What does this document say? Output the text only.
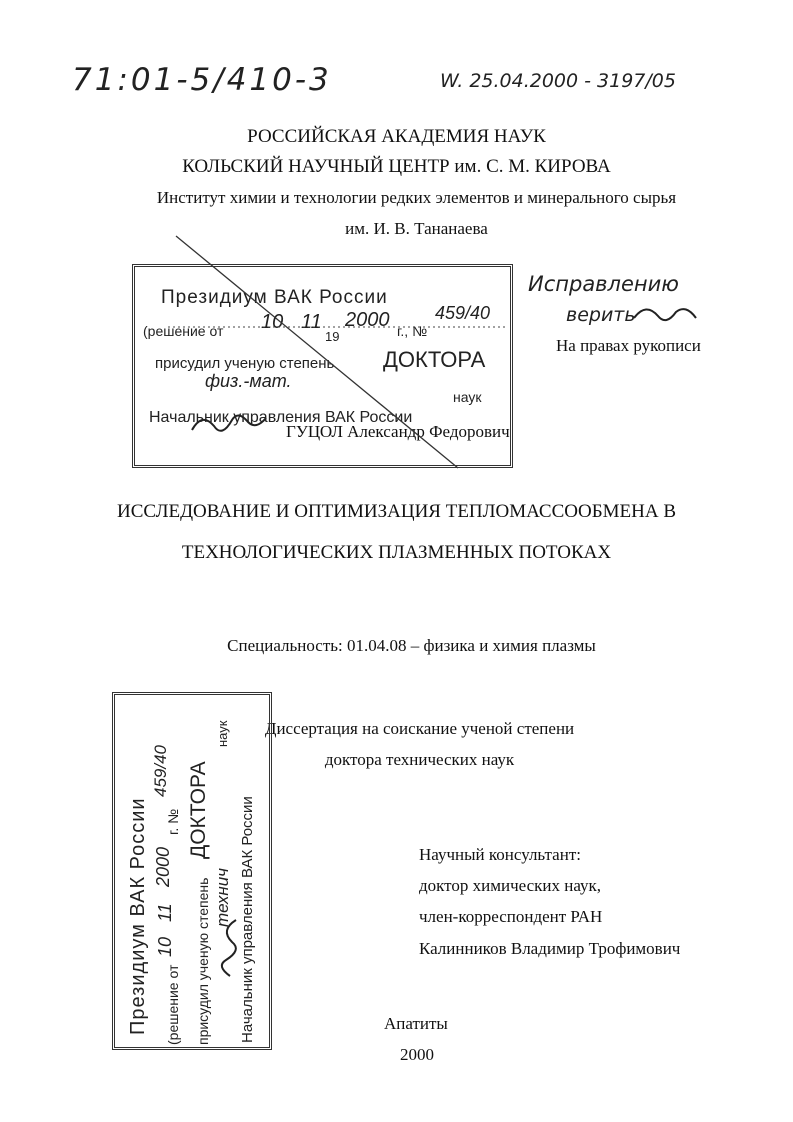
71:01-5/410-3	W. 25.04.2000 - 3197/05
РОССИЙСКАЯ АКАДЕМИЯ НАУК
КОЛЬСКИЙ НАУЧНЫЙ ЦЕНТР им. С. М. КИРОВА
Институт химии и технологии редких элементов и минерального сырья
им. И. В. Тананаева
Президиум ВАК России
(решение от 10 11 2000
19	г., №
459/40
присудил ученую степень ДОКТОРА
физ.-мат.
наук
Начальник управления ВАК России
ГУЦОЛ Александр Федорович
Исправлению
верить
На правах рукописи
ИССЛЕДОВАНИЕ И ОПТИМИЗАЦИЯ ТЕПЛОМАССООБМЕНА В
ТЕХНОЛОГИЧЕСКИХ ПЛАЗМЕННЫХ ПОТОКАХ
Специальность: 01.04.08 – физика и химия плазмы
Диссертация на соискание ученой степени
доктора технических наук
Президиум ВАК России (решение от
10
11
2000
г. №
459/40
присудил ученую степень
ДОКТОРА
технич
наук
Начальник управления ВАК России	Научный консультант:
доктор химических наук,
член-корреспондент РАН
Калинников Владимир Трофимович
Апатиты
2000
